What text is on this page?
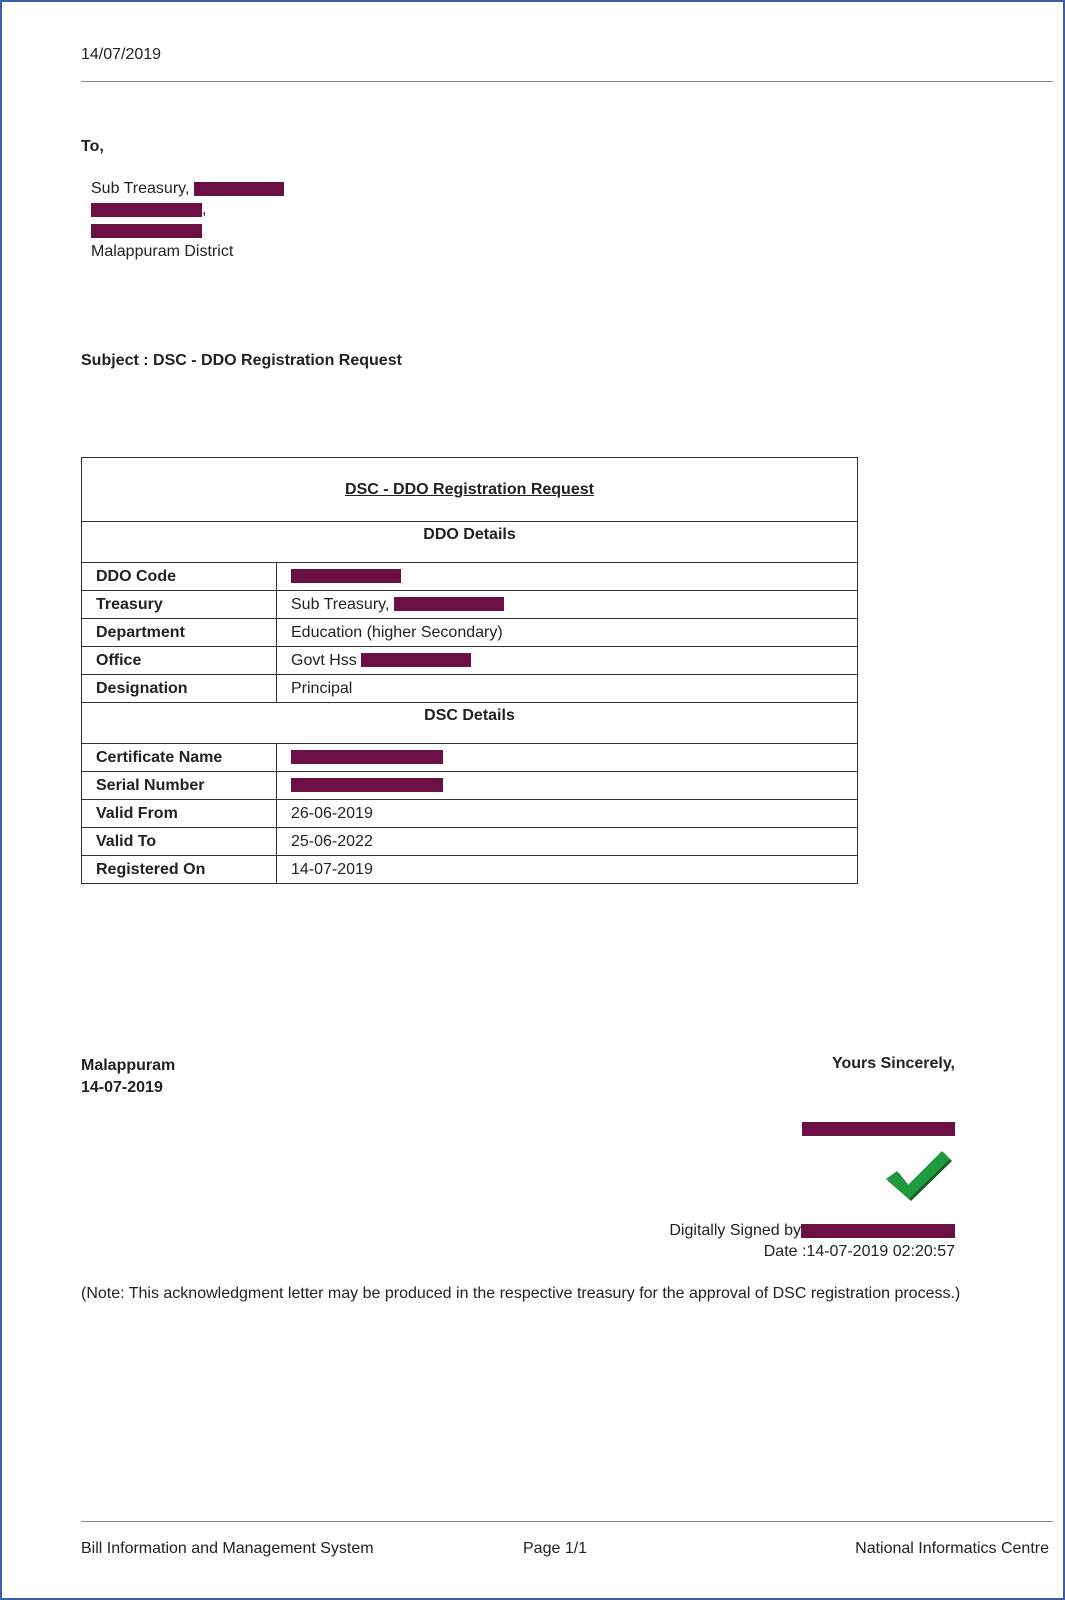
14/07/2019
To,
Sub Treasury,
,
Malappuram District
Subject : DSC - DDO Registration Request
DSC - DDO Registration Request	
DDO Details	
DDO Code	
Treasury	Sub Treasury,
Department	Education (higher Secondary)
Office	Govt Hss
Designation	Principal
DSC Details	
Certificate Name	
Serial Number	
Valid From	26-06-2019
Valid To	25-06-2022
Registered On	14-07-2019
Malappuram
14-07-2019
Yours Sincerely,
Digitally Signed by
Date :14-07-2019 02:20:57
(Note: This acknowledgment letter may be produced in the respective treasury for the approval of DSC registration process.)
Bill Information and Management System	Page 1/1	National Informatics Centre
